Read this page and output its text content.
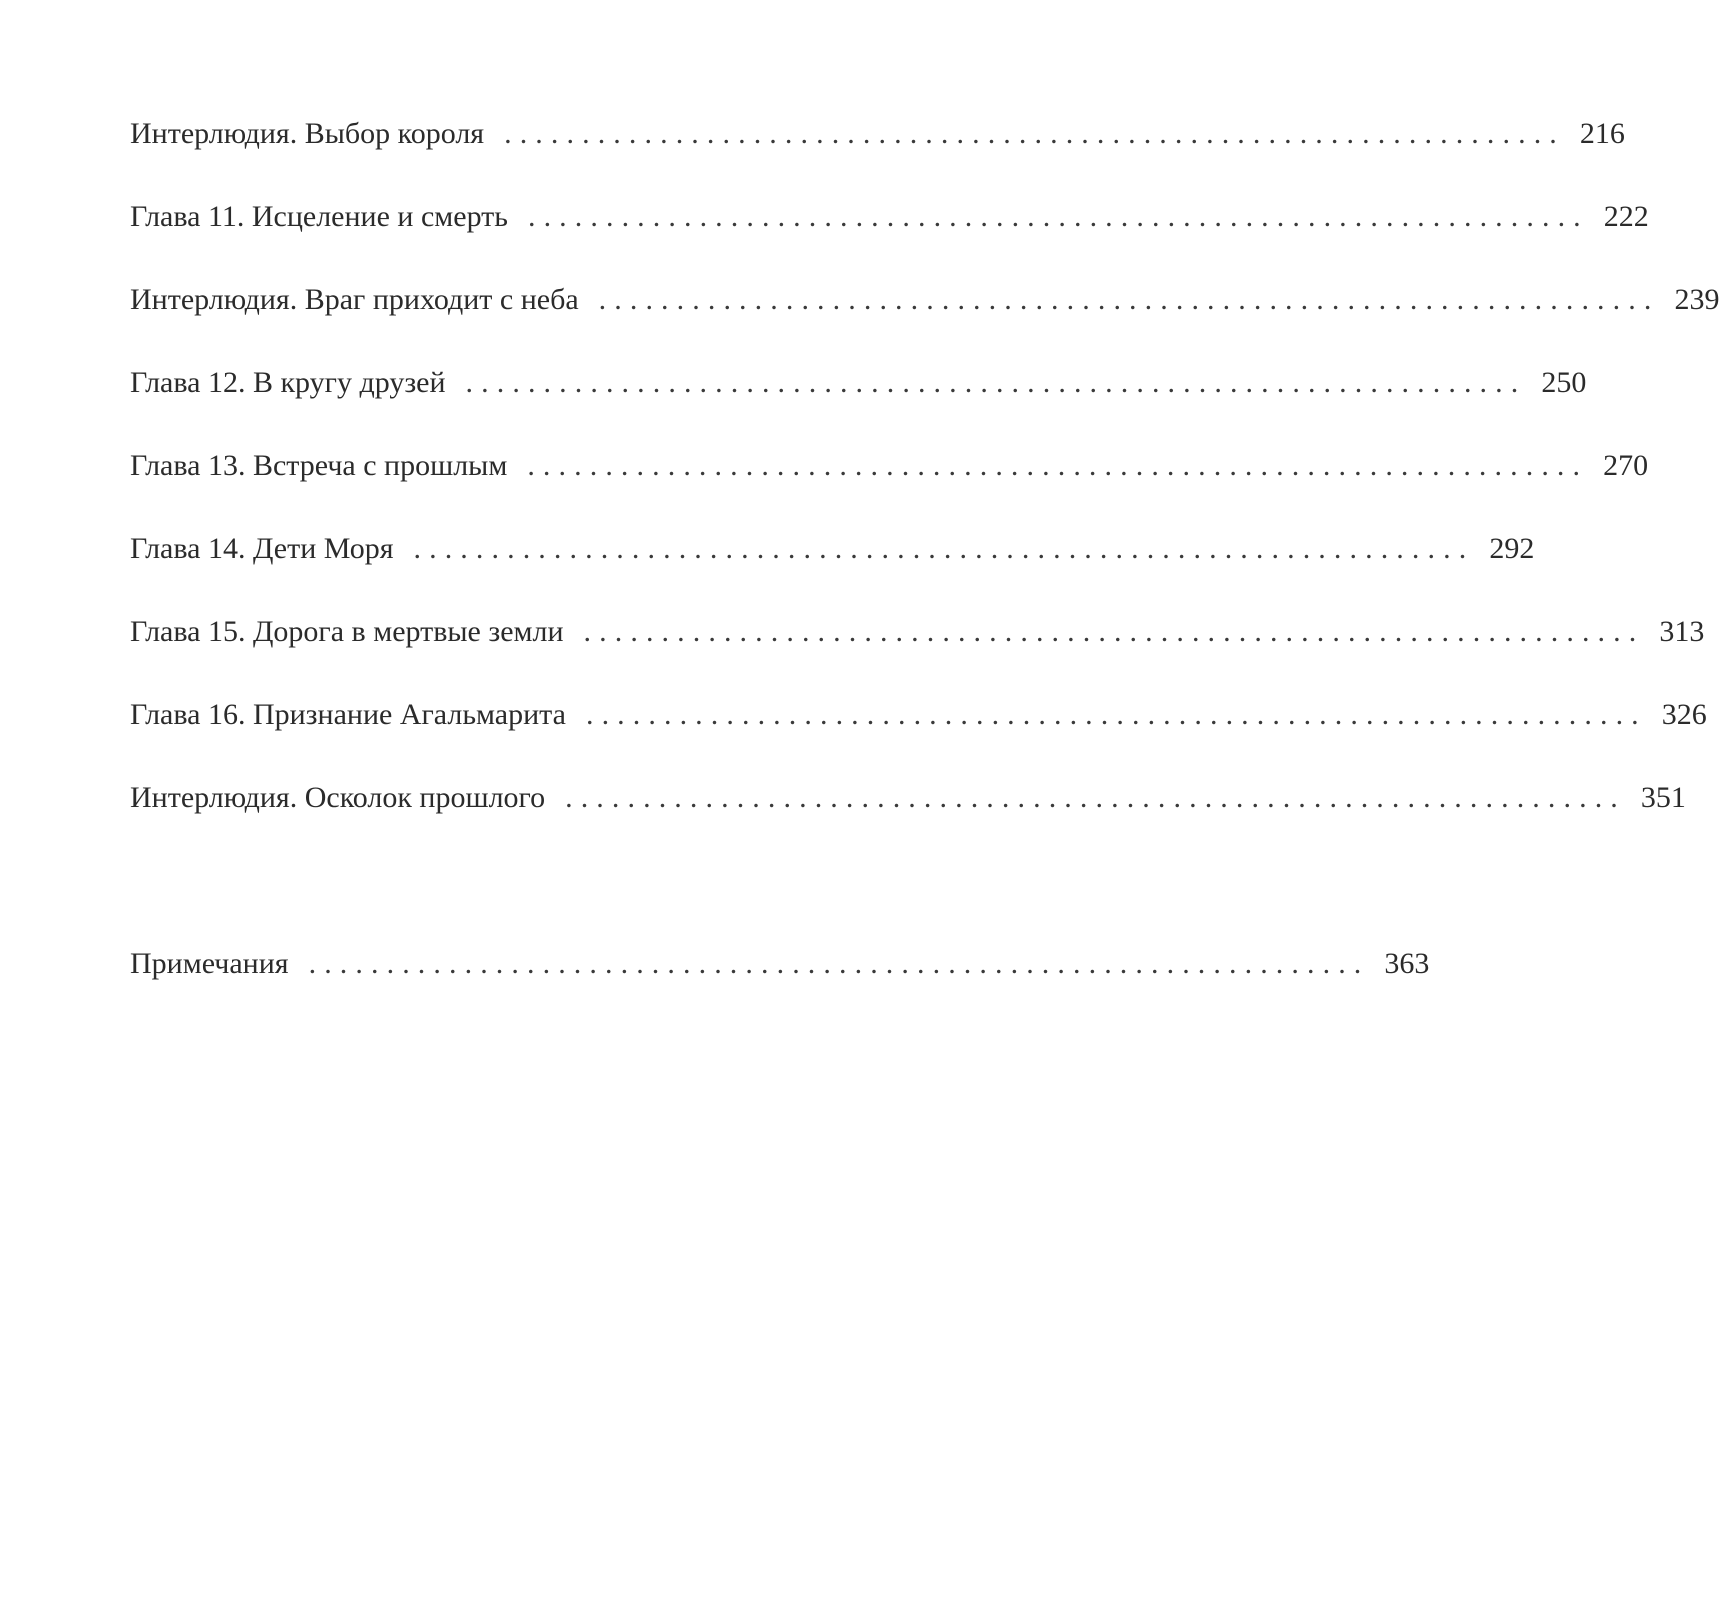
Интерлюдия. Выбор короля .................................................................... 216
Глава 11. Исцеление и смерть .................................................................... 222
Интерлюдия. Враг приходит с неба .................................................................... 239
Глава 12. В кругу друзей .................................................................... 250
Глава 13. Встреча с прошлым .................................................................... 270
Глава 14. Дети Моря .................................................................... 292
Глава 15. Дорога в мертвые земли .................................................................... 313
Глава 16. Признание Агальмарита .................................................................... 326
Интерлюдия. Осколок прошлого .................................................................... 351
Примечания .................................................................... 363
